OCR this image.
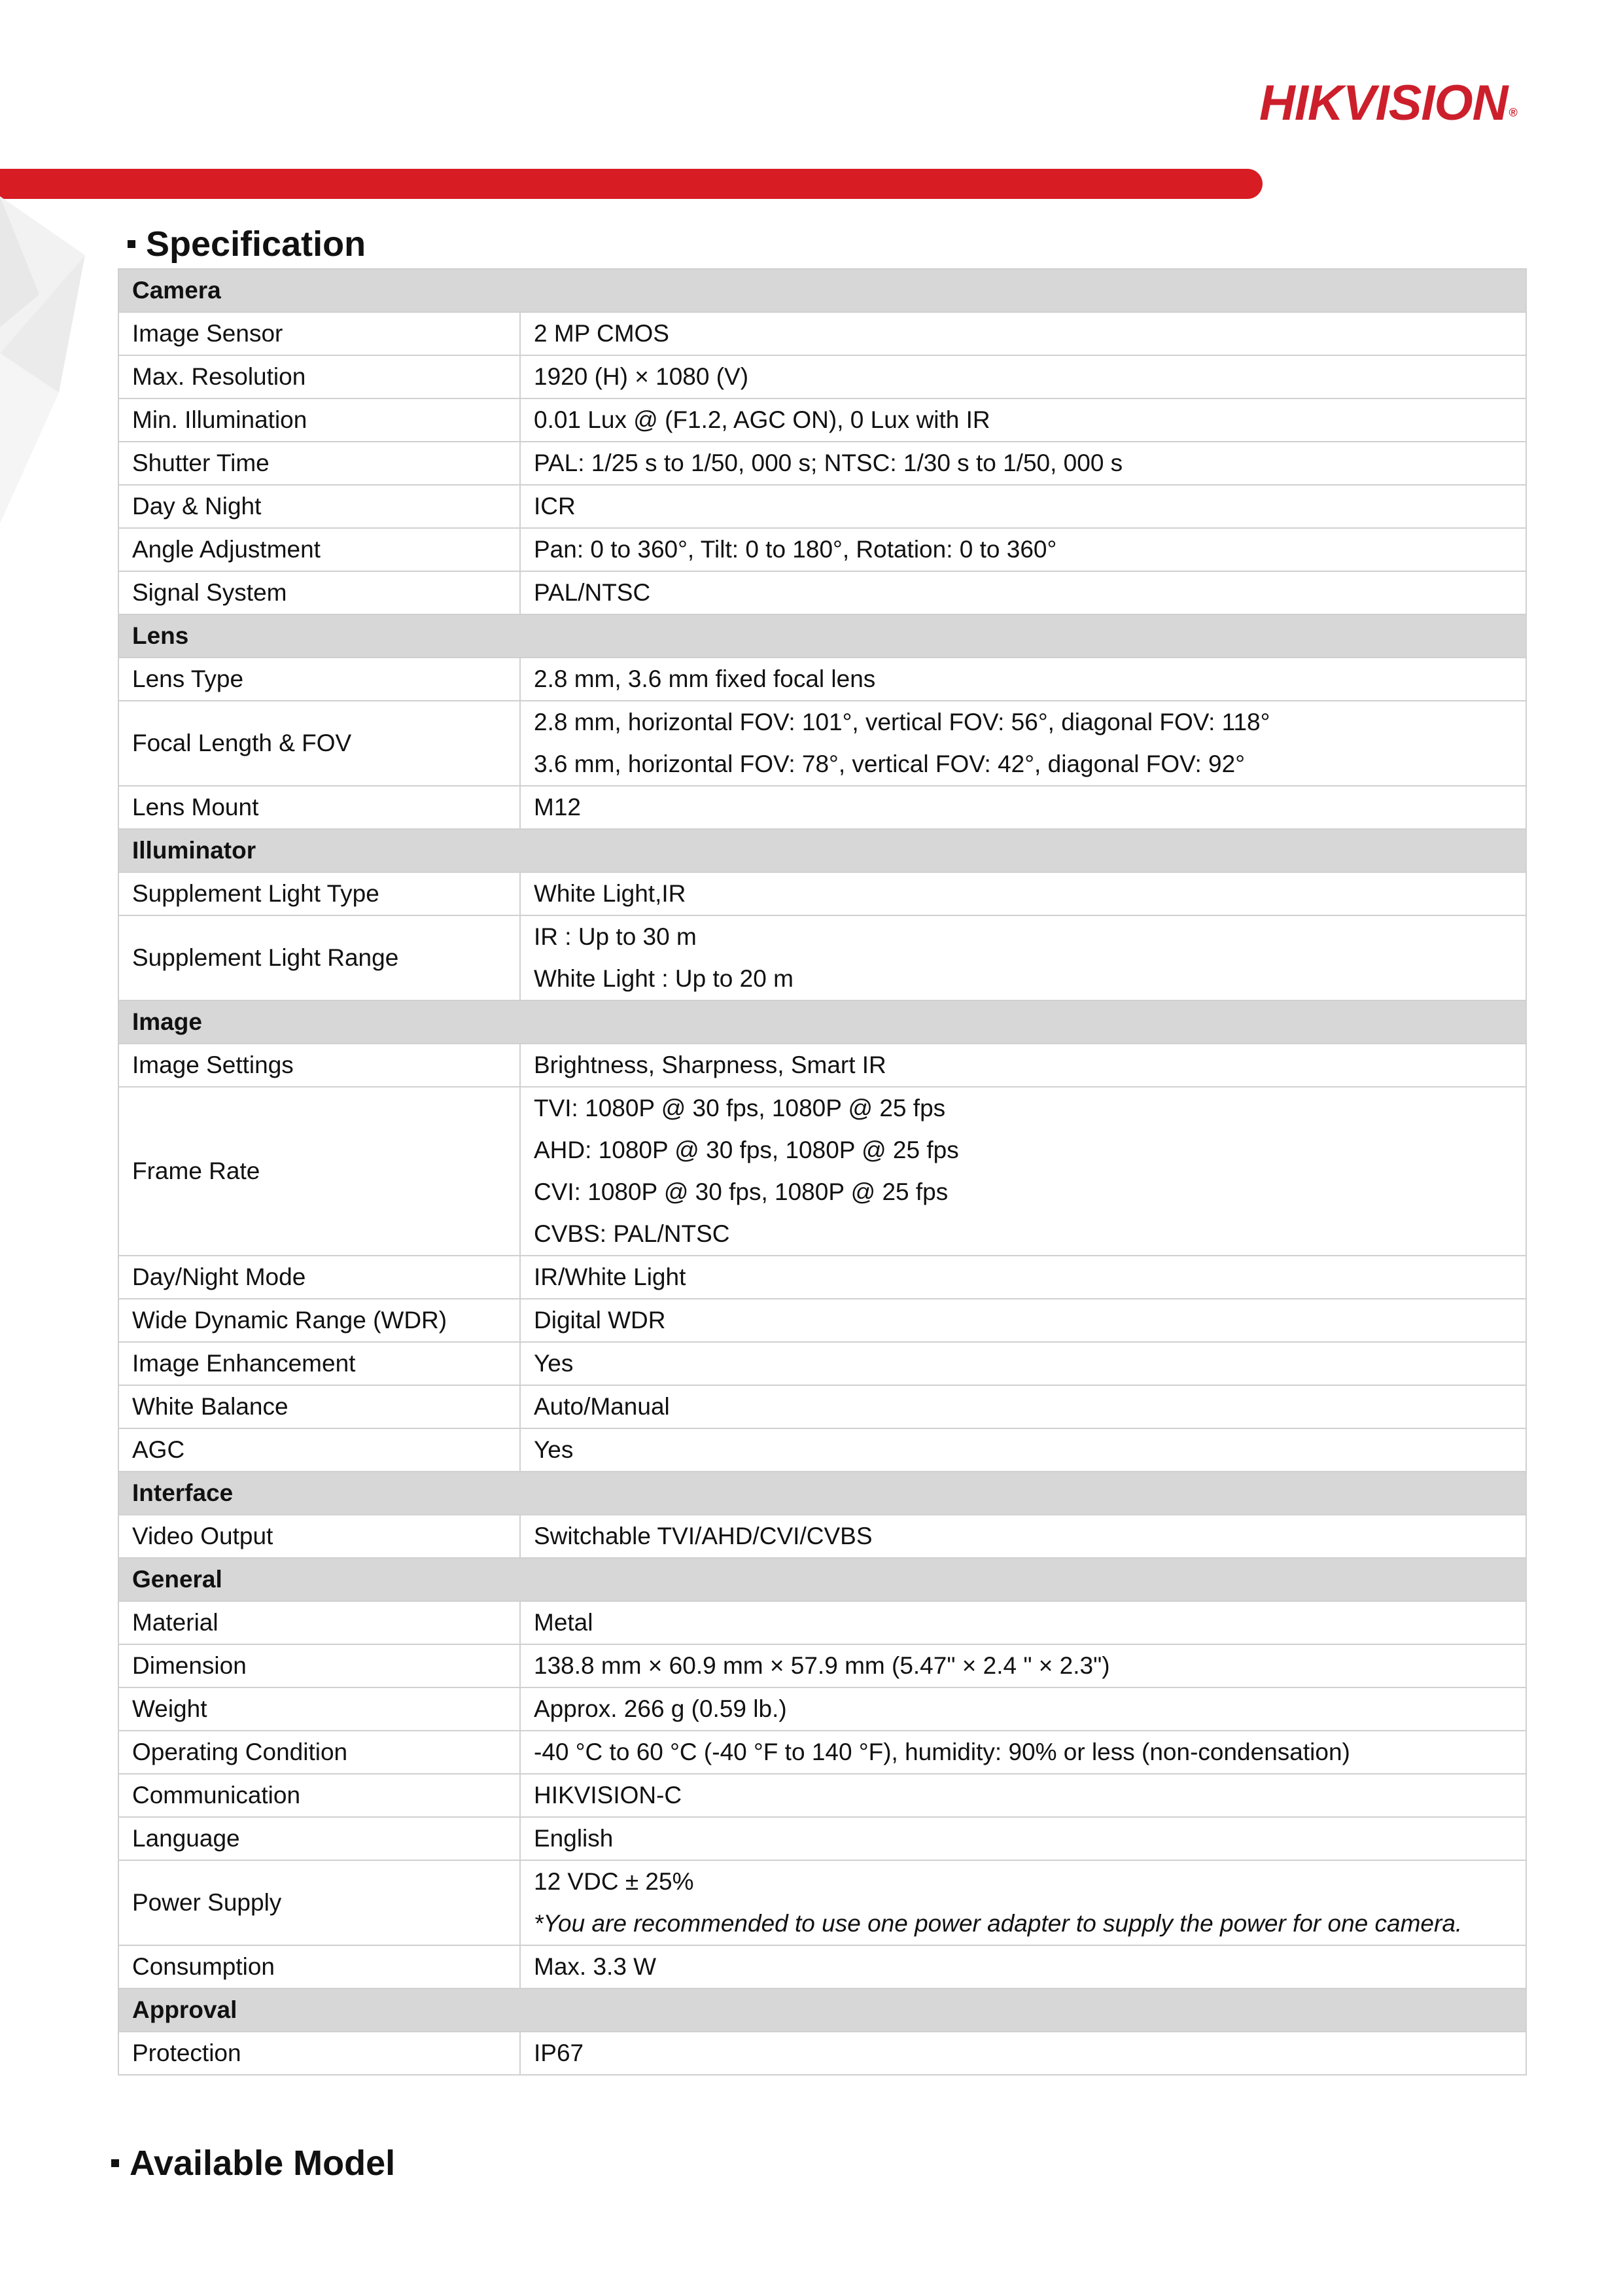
HIKVISION ®
Specification
Camera	
Image Sensor	2 MP CMOS

Max. Resolution	1920 (H) × 1080 (V)

Min. Illumination	0.01 Lux @ (F1.2, AGC ON), 0 Lux with IR

Shutter Time	PAL: 1/25 s to 1/50, 000 s; NTSC: 1/30 s to 1/50, 000 s

Day & Night	ICR

Angle Adjustment	Pan: 0 to 360°, Tilt: 0 to 180°, Rotation: 0 to 360°

Signal System	PAL/NTSC

Lens	
Lens Type	2.8 mm, 3.6 mm fixed focal lens

Focal Length & FOV	2.8 mm, horizontal FOV: 101°, vertical FOV: 56°, diagonal FOV: 118°
3.6 mm, horizontal FOV: 78°, vertical FOV: 42°, diagonal FOV: 92°

Lens Mount	M12

Illuminator	
Supplement Light Type	White Light,IR

Supplement Light Range	IR : Up to 30 m
White Light : Up to 20 m

Image	
Image Settings	Brightness, Sharpness, Smart IR

Frame Rate	TVI: 1080P @ 30 fps, 1080P @ 25 fps
AHD: 1080P @ 30 fps, 1080P @ 25 fps
CVI: 1080P @ 30 fps, 1080P @ 25 fps
CVBS: PAL/NTSC

Day/Night Mode	IR/White Light

Wide Dynamic Range (WDR)	Digital WDR

Image Enhancement	Yes

White Balance	Auto/Manual

AGC	Yes

Interface	
Video Output	Switchable TVI/AHD/CVI/CVBS

General	
Material	Metal

Dimension	138.8 mm × 60.9 mm × 57.9 mm (5.47" × 2.4 " × 2.3")

Weight	Approx. 266 g (0.59 lb.)

Operating Condition	-40 °C to 60 °C (-40 °F to 140 °F), humidity: 90% or less (non-condensation)

Communication	HIKVISION-C

Language	English

Power Supply	12 VDC ± 25%
*You are recommended to use one power adapter to supply the power for one camera.

Consumption	Max. 3.3 W

Approval	
Protection	IP67
Available Model
